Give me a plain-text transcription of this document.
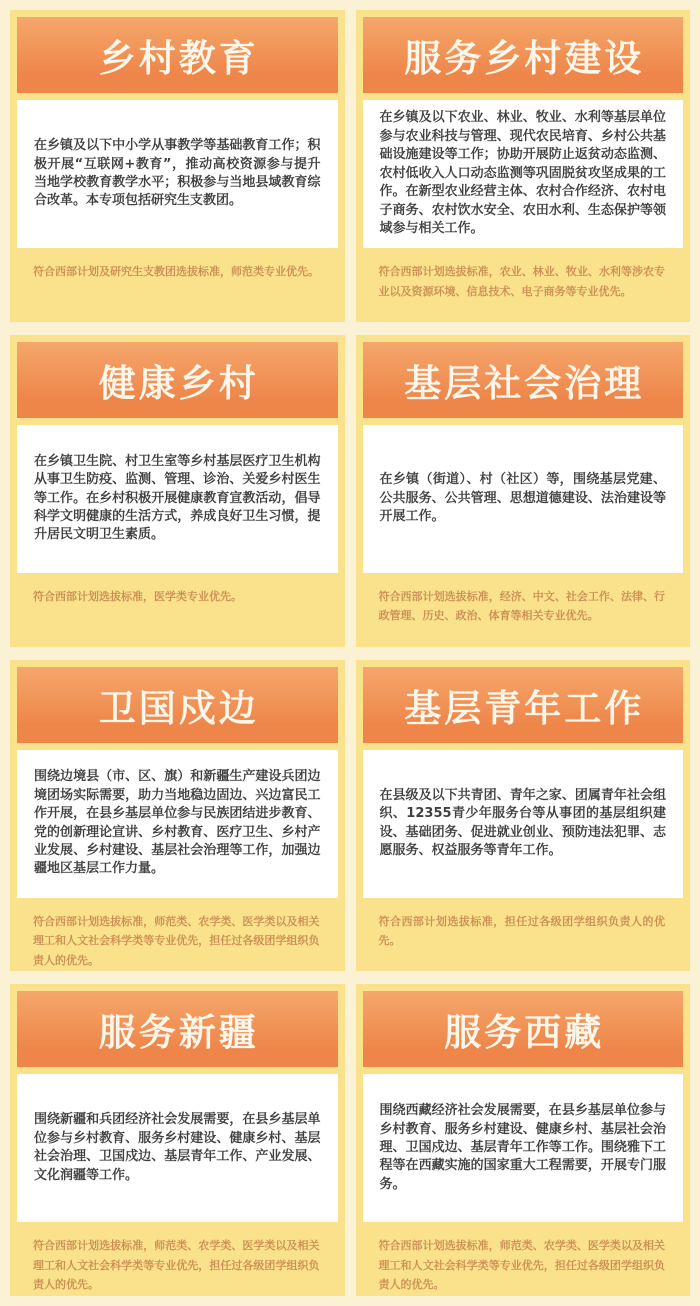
乡村教育
在乡镇及以下中小学从事教学等基础教育工作；积极开展“互联网+教育”，推动高校资源参与提升当地学校教育教学水平；积极参与当地县域教育综合改革。本专项包括研究生支教团。
符合西部计划及研究生支教团选拔标准，师范类专业优先。
服务乡村建设
在乡镇及以下农业、林业、牧业、水利等基层单位参与农业科技与管理、现代农民培育、乡村公共基础设施建设等工作；协助开展防止返贫动态监测、农村低收入人口动态监测等巩固脱贫攻坚成果的工作。在新型农业经营主体、农村合作经济、农村电子商务、农村饮水安全、农田水利、生态保护等领域参与相关工作。
符合西部计划选拔标准，农业、林业、牧业、水利等涉农专业以及资源环境、信息技术、电子商务等专业优先。
健康乡村
在乡镇卫生院、村卫生室等乡村基层医疗卫生机构从事卫生防疫、监测、管理、诊治、关爱乡村医生等工作。在乡村积极开展健康教育宣教活动，倡导科学文明健康的生活方式，养成良好卫生习惯，提升居民文明卫生素质。
符合西部计划选拔标准，医学类专业优先。
基层社会治理
在乡镇（街道）、村（社区）等，围绕基层党建、公共服务、公共管理、思想道德建设、法治建设等开展工作。
符合西部计划选拔标准，经济、中文、社会工作、法律、行政管理、历史、政治、体育等相关专业优先。
卫国戍边
围绕边境县（市、区、旗）和新疆生产建设兵团边境团场实际需要，助力当地稳边固边、兴边富民工作开展，在县乡基层单位参与民族团结进步教育、党的创新理论宣讲、乡村教育、医疗卫生、乡村产业发展、乡村建设、基层社会治理等工作，加强边疆地区基层工作力量。
符合西部计划选拔标准，师范类、农学类、医学类以及相关理工和人文社会科学类等专业优先，担任过各级团学组织负责人的优先。
基层青年工作
在县级及以下共青团、青年之家、团属青年社会组织、12355青少年服务台等从事团的基层组织建设、基础团务、促进就业创业、预防违法犯罪、志愿服务、权益服务等青年工作。
符合西部计划选拔标准，担任过各级团学组织负责人的优先。
服务新疆
围绕新疆和兵团经济社会发展需要，在县乡基层单位参与乡村教育、服务乡村建设、健康乡村、基层社会治理、卫国戍边、基层青年工作、产业发展、文化润疆等工作。
符合西部计划选拔标准，师范类、农学类、医学类以及相关理工和人文社会科学类等专业优先，担任过各级团学组织负责人的优先。
服务西藏
围绕西藏经济社会发展需要，在县乡基层单位参与乡村教育、服务乡村建设、健康乡村、基层社会治理、卫国戍边、基层青年工作等工作。围绕雅下工程等在西藏实施的国家重大工程需要，开展专门服务。
符合西部计划选拔标准，师范类、农学类、医学类以及相关理工和人文社会科学类等专业优先，担任过各级团学组织负责人的优先。
